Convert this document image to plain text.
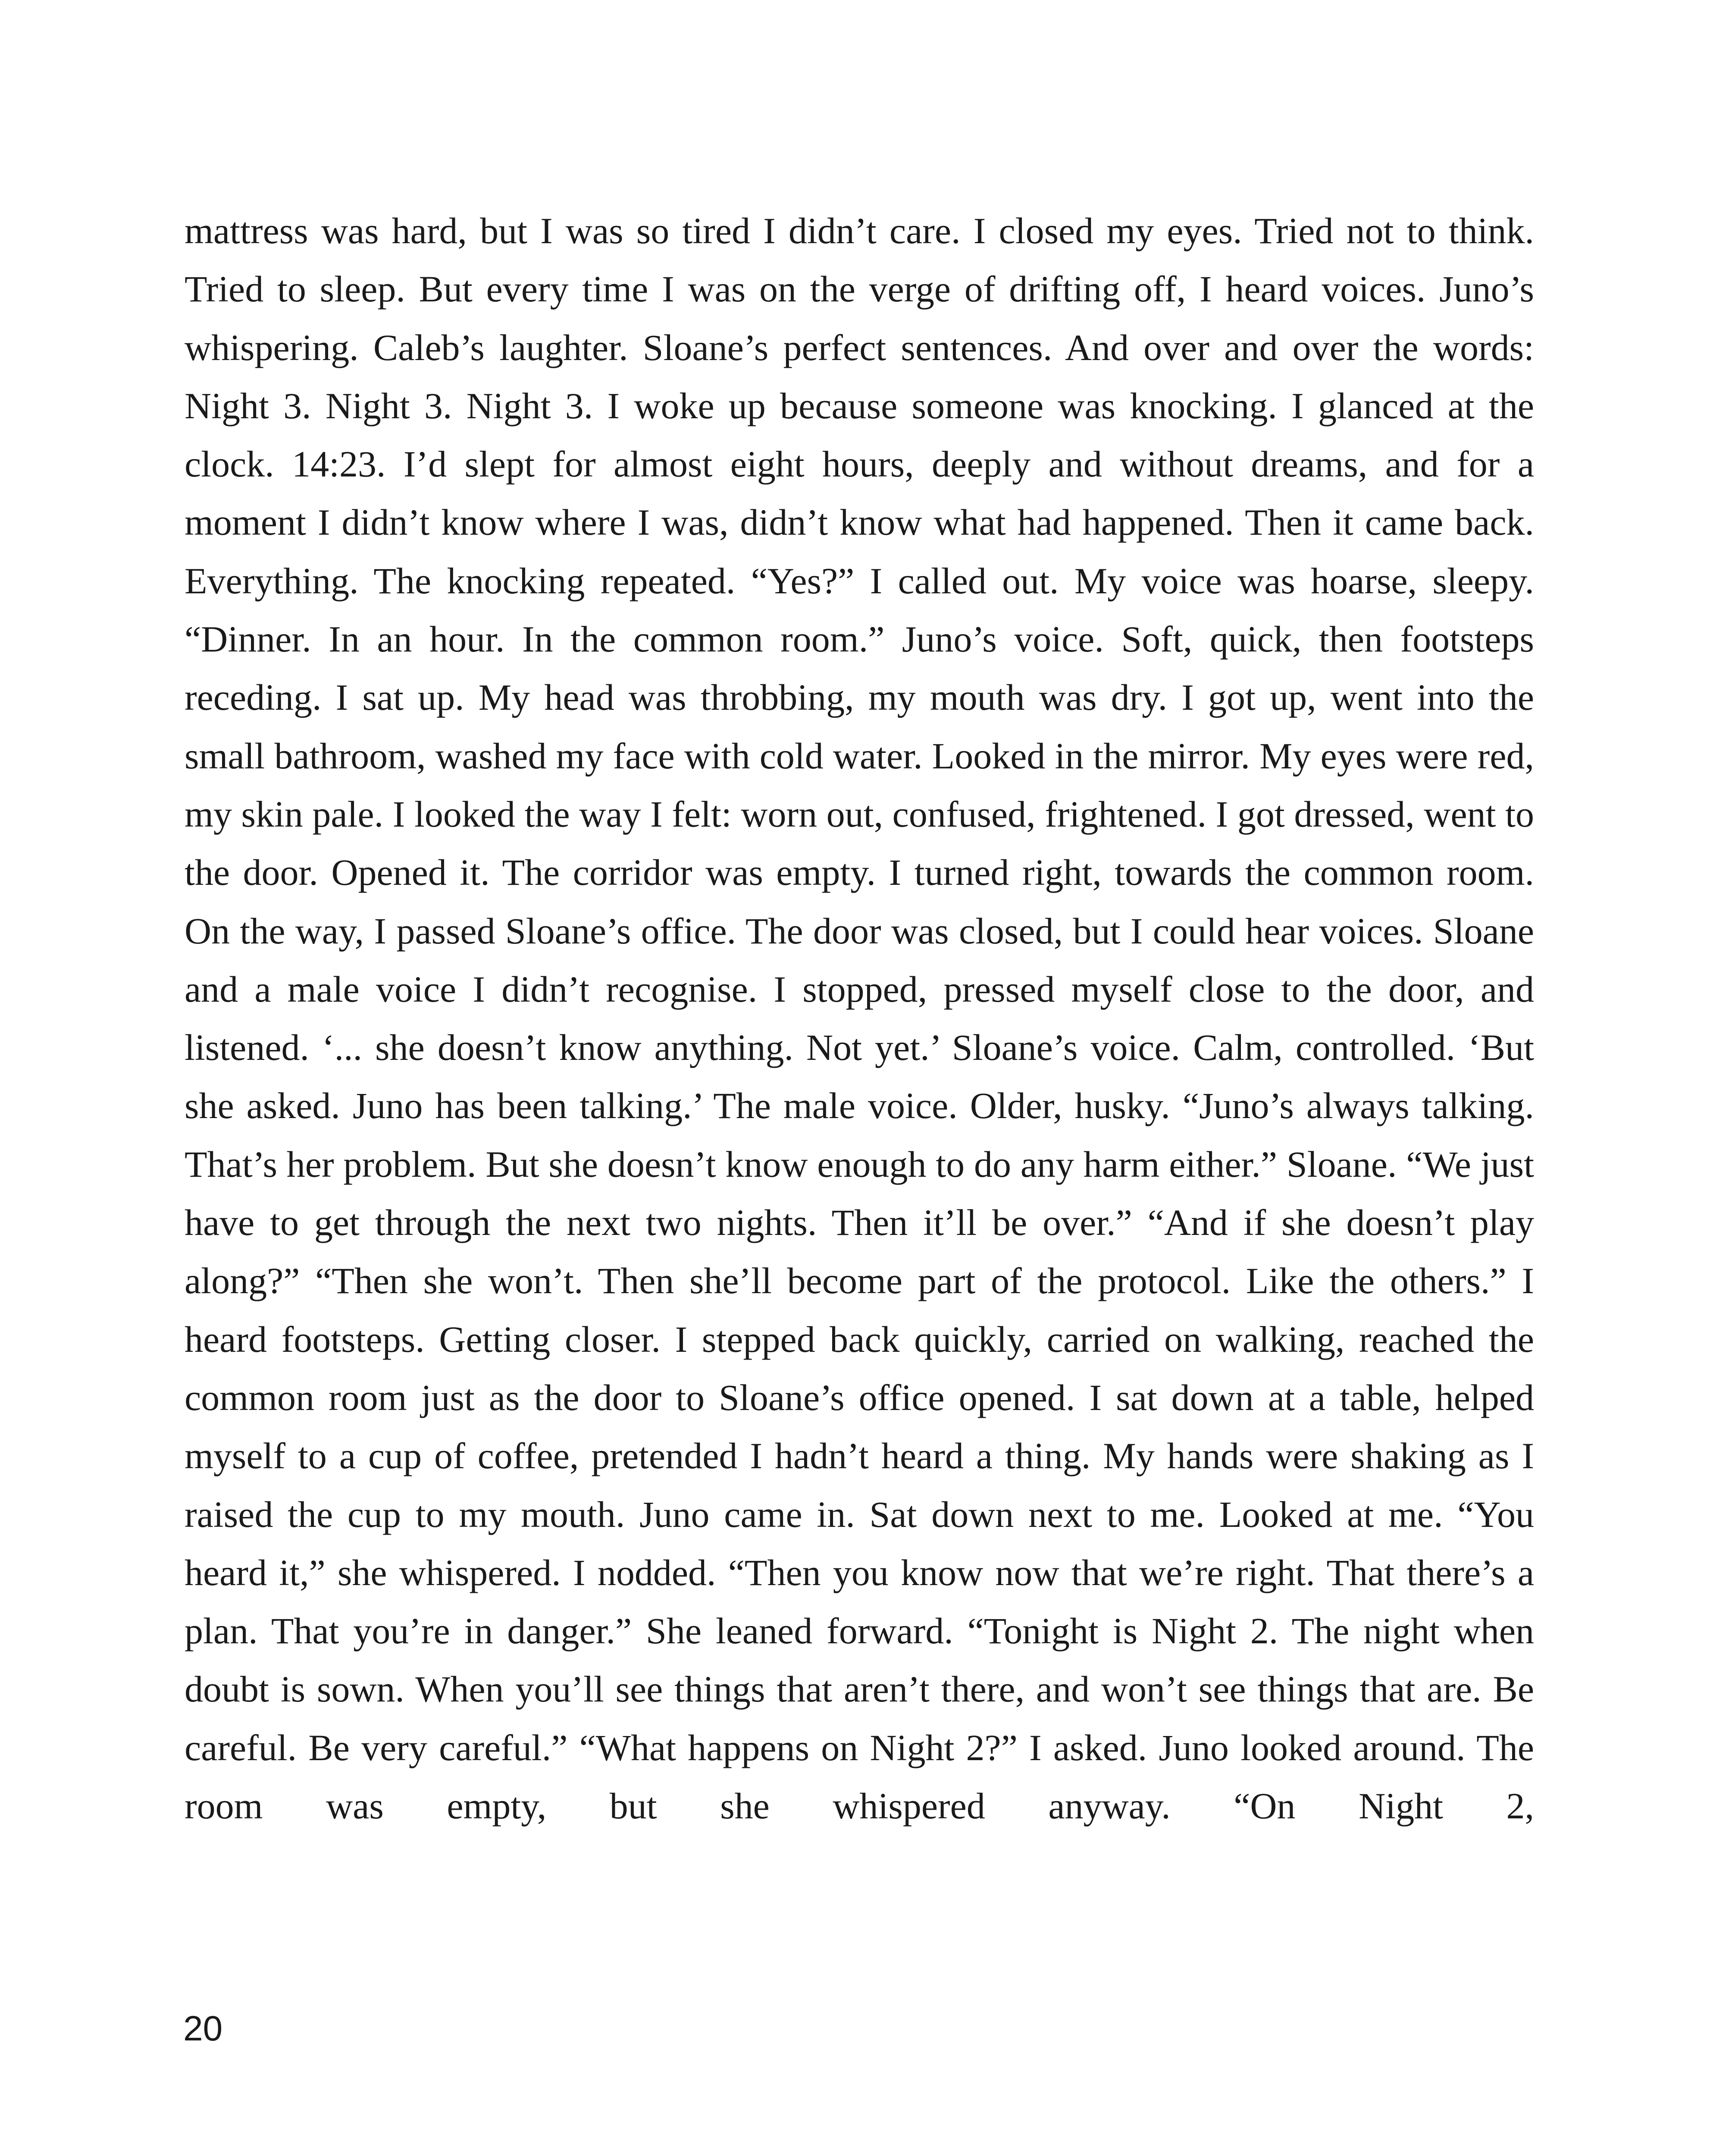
mattress was hard, but I was so tired I didn’t care. I closed my eyes. Tried not to think. Tried to sleep. But every time I was on the verge of drifting off, I heard voices. Juno’s whispering. Caleb’s laughter. Sloane’s perfect sentences. And over and over the words: Night 3. Night 3. Night 3. I woke up because someone was knocking. I glanced at the clock. 14:23. I’d slept for almost eight hours, deeply and without dreams, and for a moment I didn’t know where I was, didn’t know what had happened. Then it came back. Everything. The knocking repeated. “Yes?” I called out. My voice was hoarse, sleepy. “Dinner. In an hour. In the common room.” Juno’s voice. Soft, quick, then footsteps receding. I sat up. My head was throbbing, my mouth was dry. I got up, went into the small bathroom, washed my face with cold water. Looked in the mirror. My eyes were red, my skin pale. I looked the way I felt: worn out, confused, frightened. I got dressed, went to the door. Opened it. The corridor was empty. I turned right, towards the common room. On the way, I passed Sloane’s office. The door was closed, but I could hear voices. Sloane and a male voice I didn’t recognise. I stopped, pressed myself close to the door, and listened. ‘... she doesn’t know anything. Not yet.’ Sloane’s voice. Calm, controlled. ‘But she asked. Juno has been talking.’ The male voice. Older, husky. “Juno’s always talking. That’s her problem. But she doesn’t know enough to do any harm either.” Sloane. “We just have to get through the next two nights. Then it’ll be over.” “And if she doesn’t play along?” “Then she won’t. Then she’ll become part of the protocol. Like the others.” I heard footsteps. Getting closer. I stepped back quickly, carried on walking, reached the common room just as the door to Sloane’s office opened. I sat down at a table, helped myself to a cup of coffee, pretended I hadn’t heard a thing. My hands were shaking as I raised the cup to my mouth. Juno came in. Sat down next to me. Looked at me. “You heard it,” she whispered. I nodded. “Then you know now that we’re right. That there’s a plan. That you’re in danger.” She leaned forward. “Tonight is Night 2. The night when doubt is sown. When you’ll see things that aren’t there, and won’t see things that are. Be careful. Be very careful.” “What happens on Night 2?” I asked. Juno looked around. The room was empty, but she whispered anyway. “On Night 2,

20
